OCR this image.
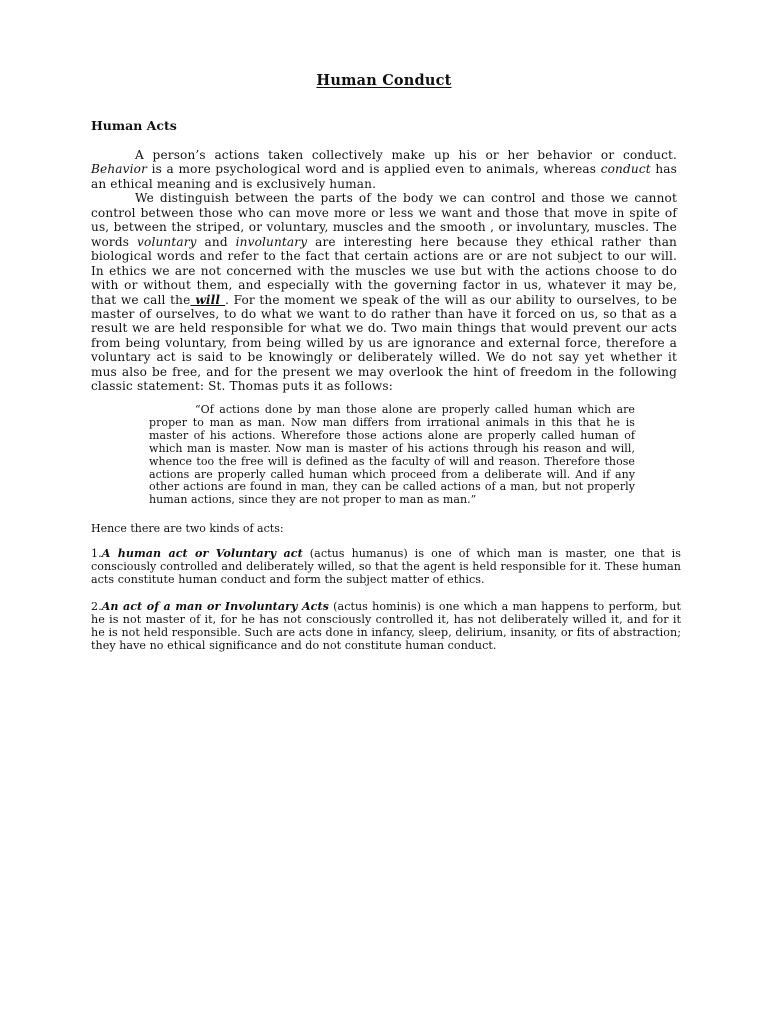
Human Conduct
Human Acts
A person’s actions taken collectively make up his or her behavior or conduct. Behavior is a more psychological word and is applied even to animals, whereas conduct has an ethical meaning and is exclusively human.
We distinguish between the parts of the body we can control and those we cannot control between those who can move more or less we want and those that move in spite of us, between the striped, or voluntary, muscles and the smooth , or involuntary, muscles. The words voluntary and involuntary are interesting here because they ethical rather than biological words and refer to the fact that certain actions are or are not subject to our will. In ethics we are not concerned with the muscles we use but with the actions choose to do with or without them, and especially with the governing factor in us, whatever it may be, that we call the will . For the moment we speak of the will as our ability to ourselves, to be master of ourselves, to do what we want to do rather than have it forced on us, so that as a result we are held responsible for what we do. Two main things that would prevent our acts from being voluntary, from being willed by us are ignorance and external force, therefore a voluntary act is said to be knowingly or deliberately willed. We do not say yet whether it mus also be free, and for the present we may overlook the hint of freedom in the following classic statement: St. Thomas puts it as follows:
“Of actions done by man those alone are properly called human which are proper to man as man. Now man differs from irrational animals in this that he is master of his actions. Wherefore those actions alone are properly called human of which man is master. Now man is master of his actions through his reason and will, whence too the free will is defined as the faculty of will and reason. Therefore those actions are properly called human which proceed from a deliberate will. And if any other actions are found in man, they can be called actions of a man, but not properly human actions, since they are not proper to man as man.”
Hence there are two kinds of acts:
1.A human act or Voluntary act (actus humanus) is one of which man is master, one that is consciously controlled and deliberately willed, so that the agent is held responsible for it. These human acts constitute human conduct and form the subject matter of ethics.
2.An act of a man or Involuntary Acts (actus hominis) is one which a man happens to perform, but he is not master of it, for he has not consciously controlled it, has not deliberately willed it, and for it he is not held responsible. Such are acts done in infancy, sleep, delirium, insanity, or fits of abstraction; they have no ethical significance and do not constitute human conduct.
